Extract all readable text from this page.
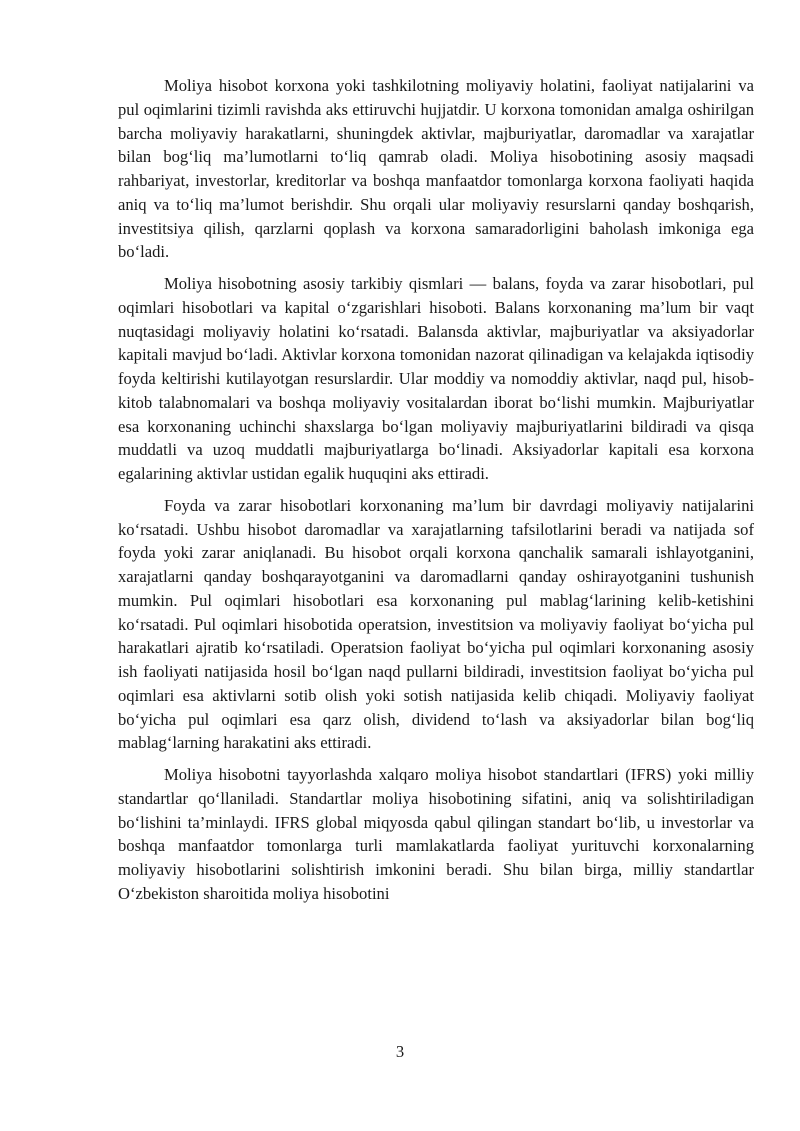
Moliya hisobot korxona yoki tashkilotning moliyaviy holatini, faoliyat natijalarini va pul oqimlarini tizimli ravishda aks ettiruvchi hujjatdir. U korxona tomonidan amalga oshirilgan barcha moliyaviy harakatlarni, shuningdek aktivlar, majburiyatlar, daromadlar va xarajatlar bilan bog‘liq ma’lumotlarni to‘liq qamrab oladi. Moliya hisobotining asosiy maqsadi rahbariyat, investorlar, kreditorlar va boshqa manfaatdor tomonlarga korxona faoliyati haqida aniq va to‘liq ma’lumot berishdir. Shu orqali ular moliyaviy resurslarni qanday boshqarish, investitsiya qilish, qarzlarni qoplash va korxona samaradorligini baholash imkoniga ega bo‘ladi.

Moliya hisobotning asosiy tarkibiy qismlari — balans, foyda va zarar hisobotlari, pul oqimlari hisobotlari va kapital o‘zgarishlari hisoboti. Balans korxonaning ma’lum bir vaqt nuqtasidagi moliyaviy holatini ko‘rsatadi. Balansda aktivlar, majburiyatlar va aksiyadorlar kapitali mavjud bo‘ladi. Aktivlar korxona tomonidan nazorat qilinadigan va kelajakda iqtisodiy foyda keltirishi kutilayotgan resurslardir. Ular moddiy va nomoddiy aktivlar, naqd pul, hisob-kitob talabnomalari va boshqa moliyaviy vositalardan iborat bo‘lishi mumkin. Majburiyatlar esa korxonaning uchinchi shaxslarga bo‘lgan moliyaviy majburiyatlarini bildiradi va qisqa muddatli va uzoq muddatli majburiyatlarga bo‘linadi. Aksiyadorlar kapitali esa korxona egalarining aktivlar ustidan egalik huquqini aks ettiradi.

Foyda va zarar hisobotlari korxonaning ma’lum bir davrdagi moliyaviy natijalarini ko‘rsatadi. Ushbu hisobot daromadlar va xarajatlarning tafsilotlarini beradi va natijada sof foyda yoki zarar aniqlanadi. Bu hisobot orqali korxona qanchalik samarali ishlayotganini, xarajatlarni qanday boshqarayotganini va daromadlarni qanday oshirayotganini tushunish mumkin. Pul oqimlari hisobotlari esa korxonaning pul mablag‘larining kelib-ketishini ko‘rsatadi. Pul oqimlari hisobotida operatsion, investitsion va moliyaviy faoliyat bo‘yicha pul harakatlari ajratib ko‘rsatiladi. Operatsion faoliyat bo‘yicha pul oqimlari korxonaning asosiy ish faoliyati natijasida hosil bo‘lgan naqd pullarni bildiradi, investitsion faoliyat bo‘yicha pul oqimlari esa aktivlarni sotib olish yoki sotish natijasida kelib chiqadi. Moliyaviy faoliyat bo‘yicha pul oqimlari esa qarz olish, dividend to‘lash va aksiyadorlar bilan bog‘liq mablag‘larning harakatini aks ettiradi.

Moliya hisobotni tayyorlashda xalqaro moliya hisobot standartlari (IFRS) yoki milliy standartlar qo‘llaniladi. Standartlar moliya hisobotining sifatini, aniq va solishtiriladigan bo‘lishini ta’minlaydi. IFRS global miqyosda qabul qilingan standart bo‘lib, u investorlar va boshqa manfaatdor tomonlarga turli mamlakatlarda faoliyat yurituvchi korxonalarning moliyaviy hisobotlarini solishtirish imkonini beradi. Shu bilan birga, milliy standartlar O‘zbekiston sharoitida moliya hisobotini

3
